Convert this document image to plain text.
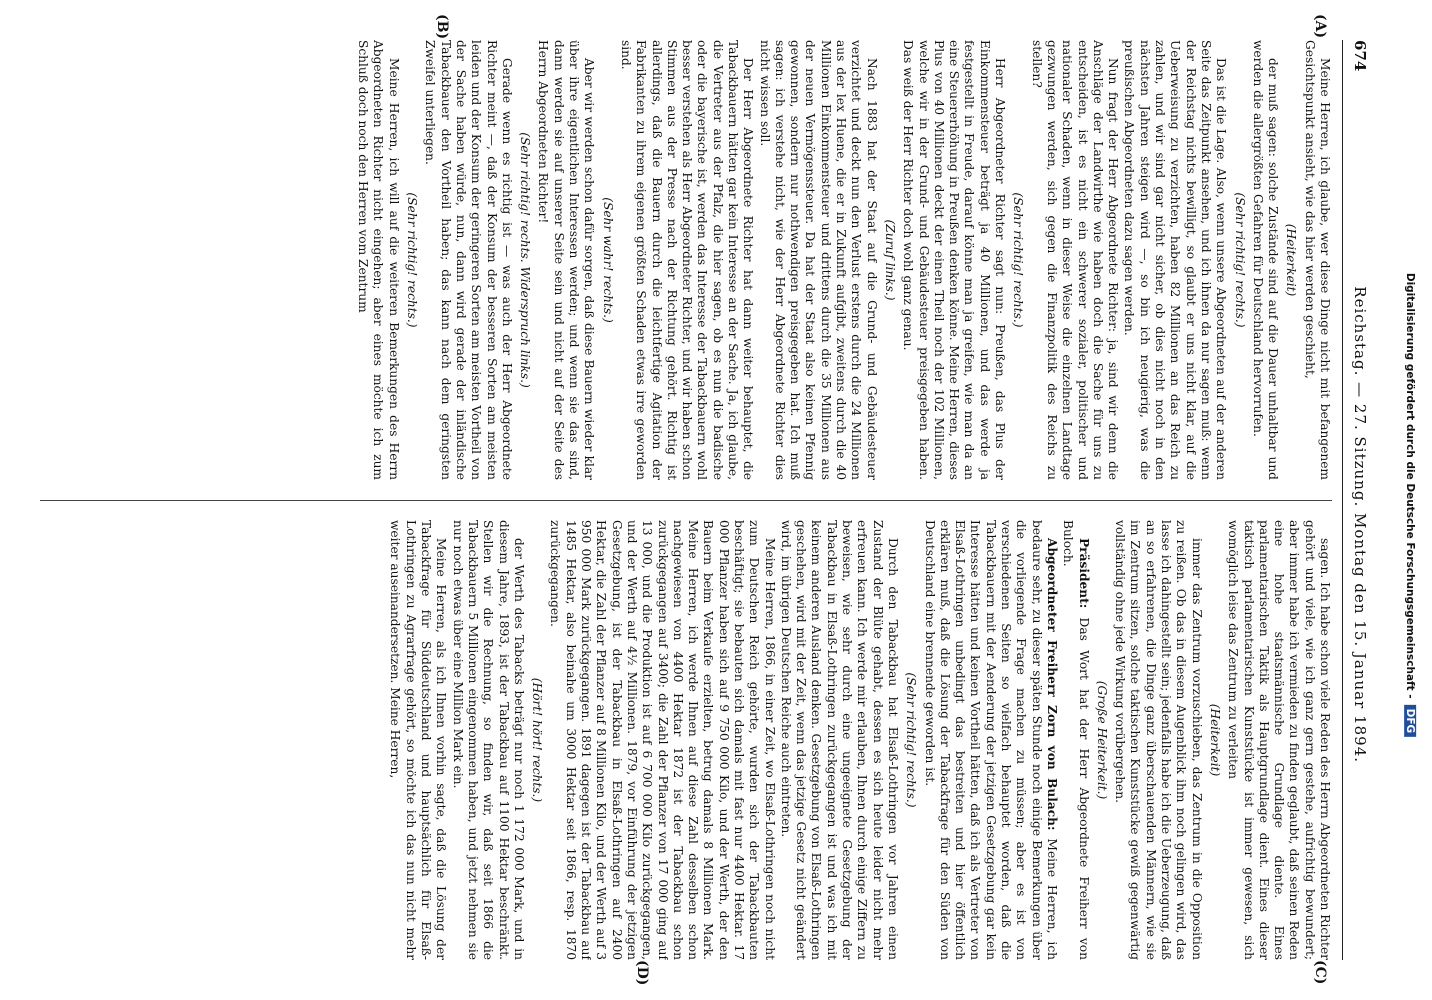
674
Reichstag. — 27. Sitzung. Montag den 15. Januar 1894.
(A)
(B)
(C)
(D)

Meine Herren, ich glaube, wer diese Dinge nicht mit befangenem Gesichtspunkt ansieht, wie das hier werden geschieht,

(Heiterkeit)

der muß sagen: solche Zustände sind auf die Dauer unhaltbar und werden die allergrößten Gefahren für Deutschland hervorrufen.

(Sehr richtig! rechts.)

Das ist die Lage. Also, wenn unsere Abgeordneten auf der anderen Seite das Zeitpunkt ansehen, und ich ihnen da nur sagen muß: wenn der Reichstag nichts bewilligt, so glaubt er uns nicht klar, auf die Ueberweisung zu verzichten, haben 82 Millionen an das Reich zu zahlen, und wir sind gar nicht sicher, ob dies nicht noch in den nächsten Jahren steigen wird —, so bin ich neugierig, was die preußischen Abgeordneten dazu sagen werden.

Nun fragt der Herr Abgeordnete Richter: ja, sind wir denn die Anschläge der Landwirthe wie haben doch die Sache für uns zu entscheiden, ist es nicht ein schwerer sozialer, politischer und nationaler Schaden, wenn in dieser Weise die einzelnen Landtage gezwungen werden, sich gegen die Finanzpolitik des Reichs zu stellen?

(Sehr richtig! rechts.)

Herr Abgeordneter Richter sagt nun: Preußen, das Plus der Einkommensteuer beträgt ja 40 Millionen, und das werde ja festgestellt in Freude, darauf könne man ja greifen, wie man da an eine Steuererhöhung in Preußen denken könne. Meine Herren, dieses Plus von 40 Millionen deckt der einen Theil noch der 102 Millionen, welche wir in der Grund- und Gebäudesteuer preisgegeben haben. Das weiß der Herr Richter doch wohl ganz genau.

(Zuruf links.)

Nach 1883 hat der Staat auf die Grund- und Gebäudesteuer verzichtet und deckt nun den Verlust erstens durch die 24 Millionen aus der lex Huene, die er in Zukunft aufgibt, zweitens durch die 40 Millionen Einkommensteuer und drittens durch die 35 Millionen aus der neuen Vermögenssteuer. Da hat der Staat also keinen Pfennig gewonnen, sondern nur nothwendigen preisgegeben hat. Ich muß sagen: ich verstehe nicht, wie der Herr Abgeordnete Richter dies nicht wissen soll.

Der Herr Abgeordnete Richter hat dann weiter behauptet, die Tabackbauern hätten gar kein Interesse an der Sache. Ja, ich glaube, die Vertreter aus der Pfalz, die hier sagen, ob es nun die badische oder die bayerische ist, werden das Interesse der Tabackbauern wohl besser verstehen als Herr Abgeordneter Richter, und wir haben schon Stimmen aus der Presse nach der Richtung gehört. Richtig ist allerdings, daß die Bauern durch die leichtfertige Agitation der Fabrikanten zu ihrem eigenen größten Schaden etwas irre geworden sind.

(Sehr wahr! rechts.)

Aber wir werden schon dafür sorgen, daß diese Bauern wieder klar über ihre eigentlichen Interessen werden; und wenn sie das sind, dann werden sie auf unserer Seite sein und nicht auf der Seite des Herrn Abgeordneten Richter!

(Sehr richtig! rechts. Widerspruch links.)

Gerade wenn es richtig ist — was auch der Herr Abgeordnete Richter meint —, daß der Konsum der besseren Sorten am meisten leiden und der Konsum der geringeren Sorten am meisten Vortheil von der Sache haben würde, nun, dann wird gerade der inländische Tabackbauer den Vortheil haben; das kann nach dem geringsten Zweifel unterliegen.

(Sehr richtig! rechts.)

Meine Herren, ich will auf die weiteren Bemerkungen des Herrn Abgeordneten Richter nicht eingehen; aber eines möchte ich zum Schluß doch noch den Herren vom Zentrum

sagen. Ich habe schon viele Reden des Herrn Abgeordneten Richter gehört und viele, wie ich ganz gern gestehe, aufrichtig bewundert; aber immer habe ich vermieden zu finden geglaubt, daß seinen Reden eine hohe staatsmännische Grundlage diente. Eines parlamentarischen Taktik als Hauptgrundlage dient. Eines dieser taktisch parlamentarischen Kunststücke ist immer gewesen, sich womöglich leise das Zentrum zu verleiten

(Heiterkeit)

immer das Zentrum vorzuschieben, das Zentrum in die Opposition zu reißen. Ob das in diesem Augenblick ihm noch gelingen wird, das lasse ich dahingestellt sein; jedenfalls habe ich die Ueberzeugung, daß an so erfahrenen, die Dinge ganz überschauenden Männern, wie sie im Zentrum sitzen, solche taktischen Kunststücke gewiß gegenwärtig vollständig ohne jede Wirkung vorübergehen.

(Große Heiterkeit.)

Präsident: Das Wort hat der Herr Abgeordnete Freiherr von Buloch.

Abgeordneter Freiherr Zorn von Bulach: Meine Herren, ich bedaure sehr, zu dieser späten Stunde noch einige Bemerkungen über die vorliegende Frage machen zu müssen; aber es ist von verschiedenen Seiten so vielfach behauptet worden, daß die Tabackbauern mit der Aenderung der jetzigen Gesetzgebung gar kein Interesse hätten und keinen Vortheil hätten, daß ich als Vertreter von Elsaß-Lothringen unbedingt das bestreiten und hier öffentlich erklären muß, daß die Lösung der Tabackfrage für den Süden von Deutschland eine brennende geworden ist.

(Sehr richtig! rechts.)

Durch den Tabackbau hat Elsaß-Lothringen vor Jahren einen Zustand der Blüte gehabt, dessen es sich heute leider nicht mehr erfreuen kann. Ich werde mir erlauben, Ihnen durch einige Ziffern zu beweisen, wie sehr durch eine ungeeignete Gesetzgebung der Tabackbau in Elsaß-Lothringen zurückgegangen ist und was ich mit keinem anderen Ausland denken. Gesetzgebung von Elsaß-Lothringen geschehen, wird mit der Zeit, wenn das jetzige Gesetz nicht geändert wird, im übrigen Deutschen Reiche auch eintreten.

Meine Herren, 1866, in einer Zeit, wo Elsaß-Lothringen noch nicht zum Deutschen Reich gehörte, wurden sich der Tabackbauten beschäftigt; sie bebauten sich damals mit fast nur 4400 Hektar. 17 000 Pflanzer haben sich auf 9 750 000 Kilo, und der Werth, der den Bauern beim Verkaufe erzielten, betrug damals 8 Millionen Mark. Meine Herren, ich werde Ihnen auf diese Zahl desselben schon nachgewiesen von 4400 Hektar 1872 ist der Tabackbau schon zurückgegangen auf 3400; die Zahl der Pflanzer von 17 000 ging auf 13 000, und die Produktion ist auf 6 700 000 Kilo zurückgegangen, und der Werth auf 4½ Millionen. 1879, vor Einführung der jetzigen Gesetzgebung, ist der Tabackbau in Elsaß-Lothringen auf 2400 Hektar, die Zahl der Pflanzer auf 8 Millionen Kilo, und der Werth auf 3 950 000 Mark zurückgegangen. 1891 dagegen ist der Tabackbau auf 1485 Hektar, also beinahe um 3000 Hektar seit 1866, resp. 1870 zurückgegangen.

(Hört! hört! rechts.)

der Werth des Tabacks beträgt nur noch 1 172 000 Mark, und in diesem Jahre, 1893, ist der Tabackbau auf 1100 Hektar beschränkt. Stellen wir die Rechnung, so finden wir, daß seit 1866 die Tabackbauern 5 Millionen eingenommen haben, und jetzt nehmen sie nur noch etwas über eine Million Mark ein.

Meine Herren, als ich Ihnen vorhin sagte, daß die Lösung der Tabackfrage für Süddeutschland und hauptsächlich für Elsaß-Lothringen zu Agrarfrage gehört, so möchte ich das nun nicht mehr weiter auseinandersetzen. Meine Herren,	Digitalisierung gefördert durch die Deutsche Forschungsgemeinschaft -DFG
